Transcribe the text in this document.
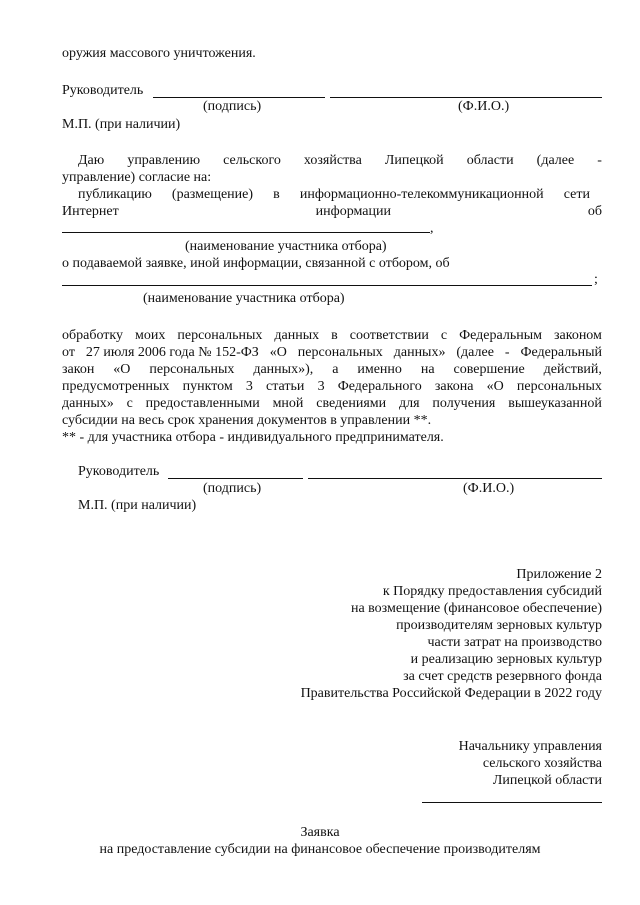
оружия массового уничтожения.
Руководитель
(подпись)	(Ф.И.О.)
М.П. (при наличии)
Даю управлению сельского хозяйства Липецкой области (далее -
управление) согласие на:
публикацию (размещение) в информационно-телекоммуникационной сети
Интернет	информации	об
,
(наименование участника отбора)
о подаваемой заявке, иной информации, связанной с отбором, об
;
(наименование участника отбора)
обработку моих персональных данных в соответствии с Федеральным законом
от 27 июля 2006 года № 152-ФЗ «О персональных данных» (далее - Федеральный
закон «О персональных данных»), а именно на совершение действий,
предусмотренных пунктом 3 статьи 3 Федерального закона «О персональных
данных» с предоставленными мной сведениями для получения вышеуказанной
субсидии на весь срок хранения документов в управлении **.
** - для участника отбора - индивидуального предпринимателя.
Руководитель
(подпись)	(Ф.И.О.)
М.П. (при наличии)
Приложение 2
к Порядку предоставления субсидий
на возмещение (финансовое обеспечение)
производителям зерновых культур
части затрат на производство
и реализацию зерновых культур
за счет средств резервного фонда
Правительства Российской Федерации в 2022 году
Начальнику управления
сельского хозяйства
Липецкой области
Заявка
на предоставление субсидии на финансовое обеспечение производителям
